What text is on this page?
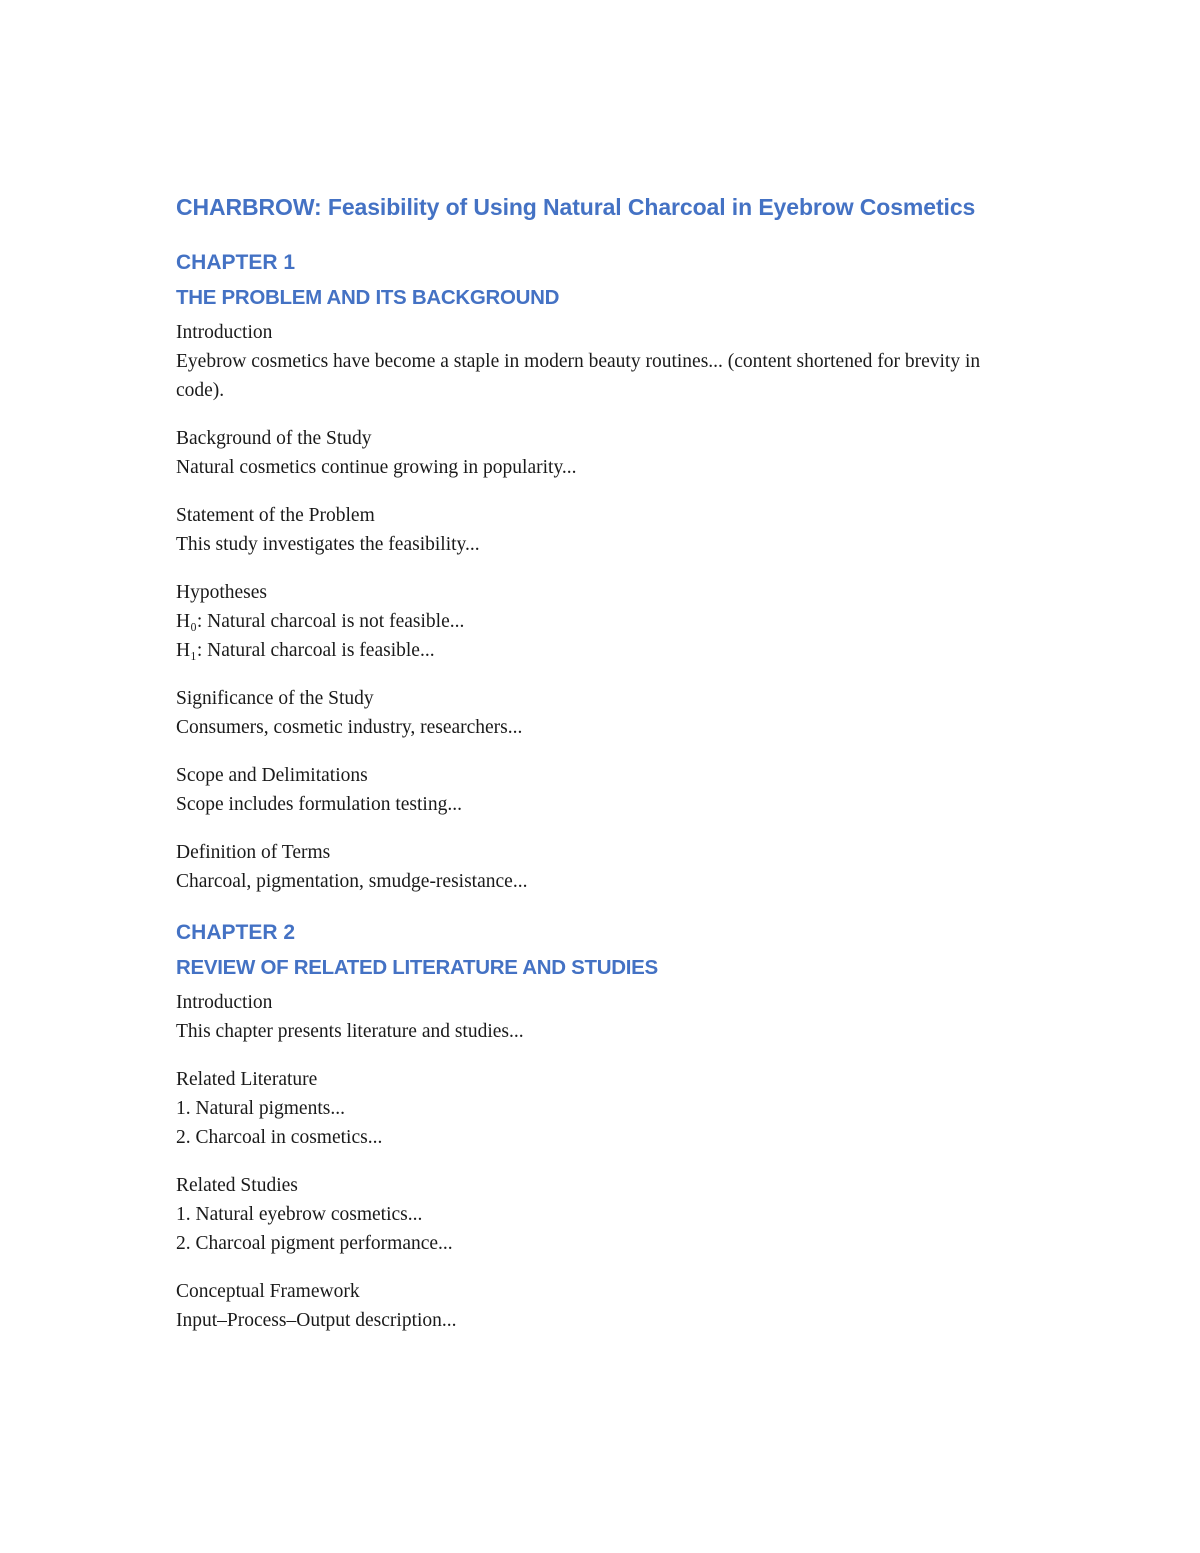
CHARBROW: Feasibility of Using Natural Charcoal in Eyebrow Cosmetics
CHAPTER 1
THE PROBLEM AND ITS BACKGROUND
Introduction
Eyebrow cosmetics have become a staple in modern beauty routines... (content shortened for brevity in code).
Background of the Study
Natural cosmetics continue growing in popularity...
Statement of the Problem
This study investigates the feasibility...
Hypotheses
H₀: Natural charcoal is not feasible...
H₁: Natural charcoal is feasible...
Significance of the Study
Consumers, cosmetic industry, researchers...
Scope and Delimitations
Scope includes formulation testing...
Definition of Terms
Charcoal, pigmentation, smudge-resistance...
CHAPTER 2
REVIEW OF RELATED LITERATURE AND STUDIES
Introduction
This chapter presents literature and studies...
Related Literature
1. Natural pigments...
2. Charcoal in cosmetics...
Related Studies
1. Natural eyebrow cosmetics...
2. Charcoal pigment performance...
Conceptual Framework
Input–Process–Output description...
